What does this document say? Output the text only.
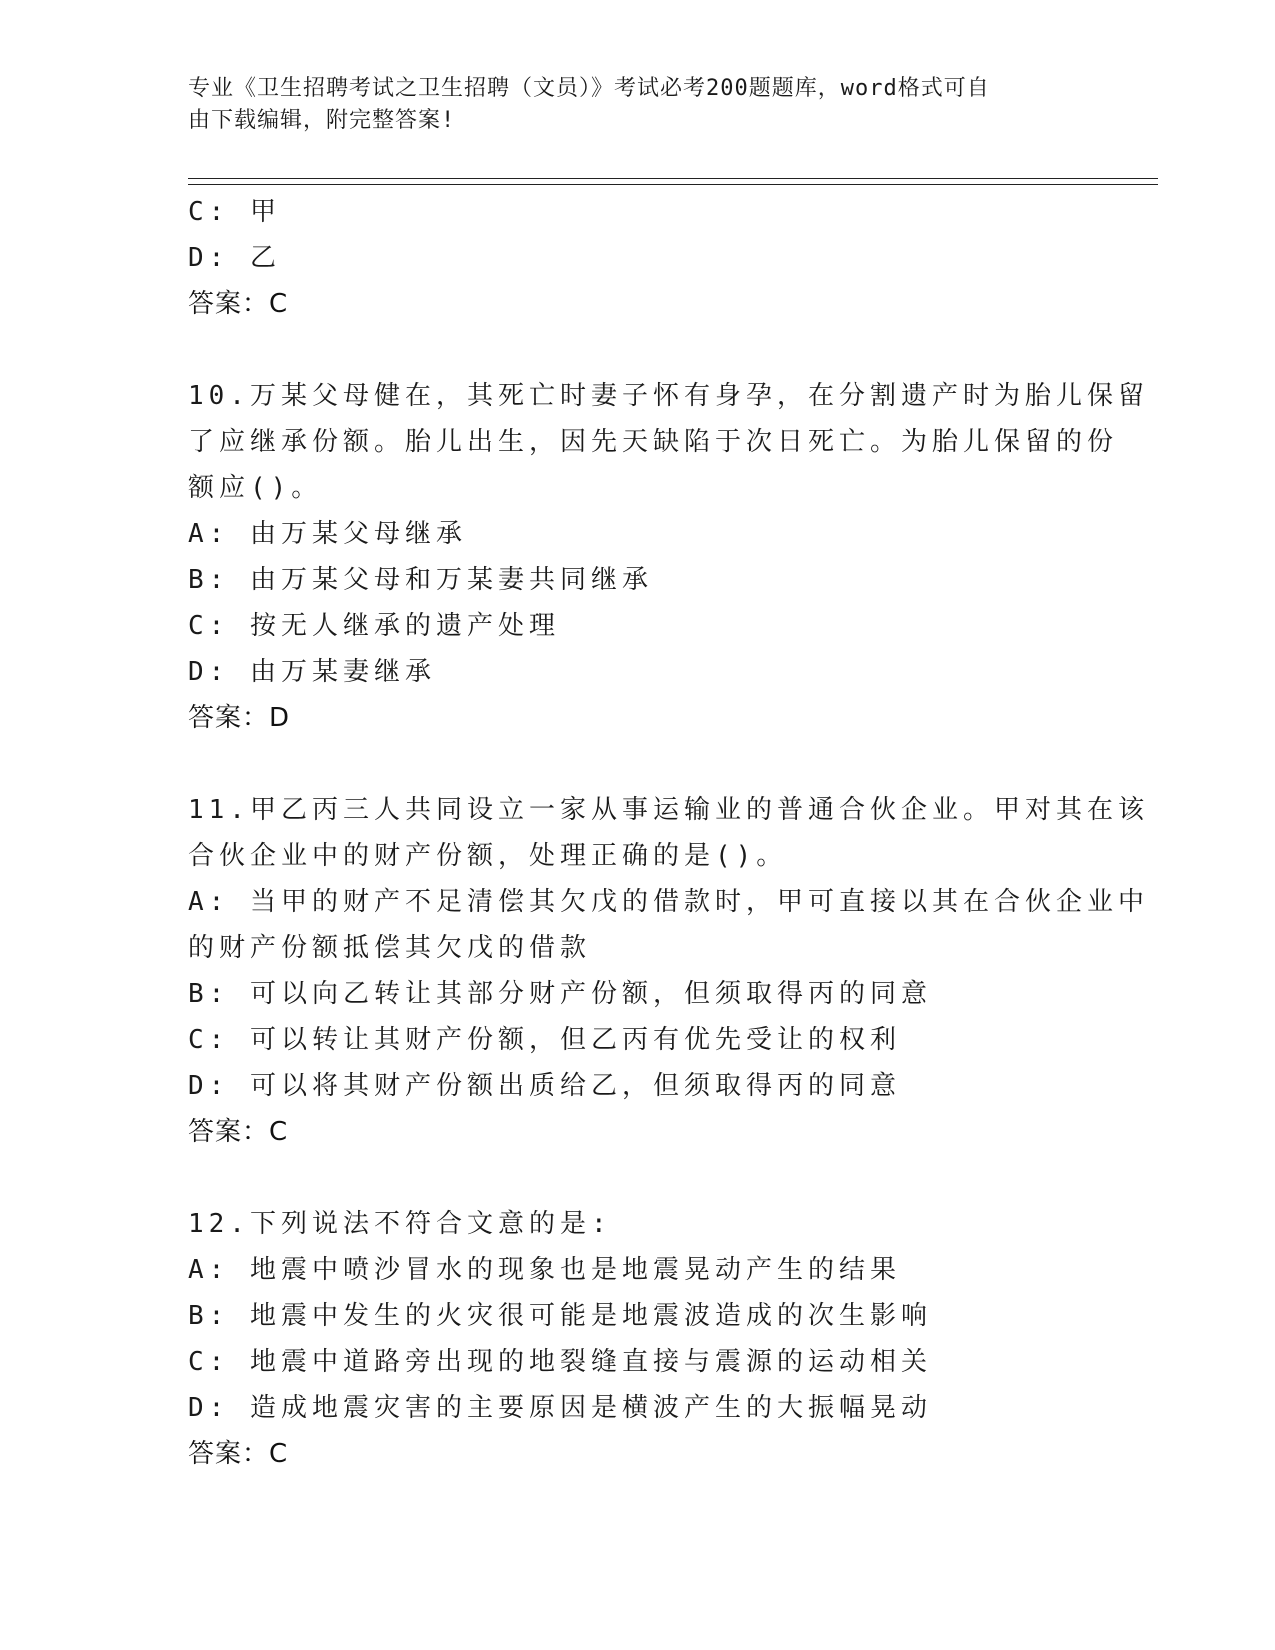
专业《卫生招聘考试之卫生招聘（文员）》考试必考200题题库，word格式可自
由下载编辑，附完整答案!
C: 甲
D: 乙
答案：C
10.万某父母健在，其死亡时妻子怀有身孕，在分割遗产时为胎儿保留
了应继承份额。胎儿出生，因先天缺陷于次日死亡。为胎儿保留的份
额应()。
A: 由万某父母继承
B: 由万某父母和万某妻共同继承
C: 按无人继承的遗产处理
D: 由万某妻继承
答案：D
11.甲乙丙三人共同设立一家从事运输业的普通合伙企业。甲对其在该
合伙企业中的财产份额，处理正确的是()。
A: 当甲的财产不足清偿其欠戊的借款时，甲可直接以其在合伙企业中
的财产份额抵偿其欠戊的借款
B: 可以向乙转让其部分财产份额，但须取得丙的同意
C: 可以转让其财产份额，但乙丙有优先受让的权利
D: 可以将其财产份额出质给乙，但须取得丙的同意
答案：C
12.下列说法不符合文意的是:
A: 地震中喷沙冒水的现象也是地震晃动产生的结果
B: 地震中发生的火灾很可能是地震波造成的次生影响
C: 地震中道路旁出现的地裂缝直接与震源的运动相关
D: 造成地震灾害的主要原因是横波产生的大振幅晃动
答案：C
